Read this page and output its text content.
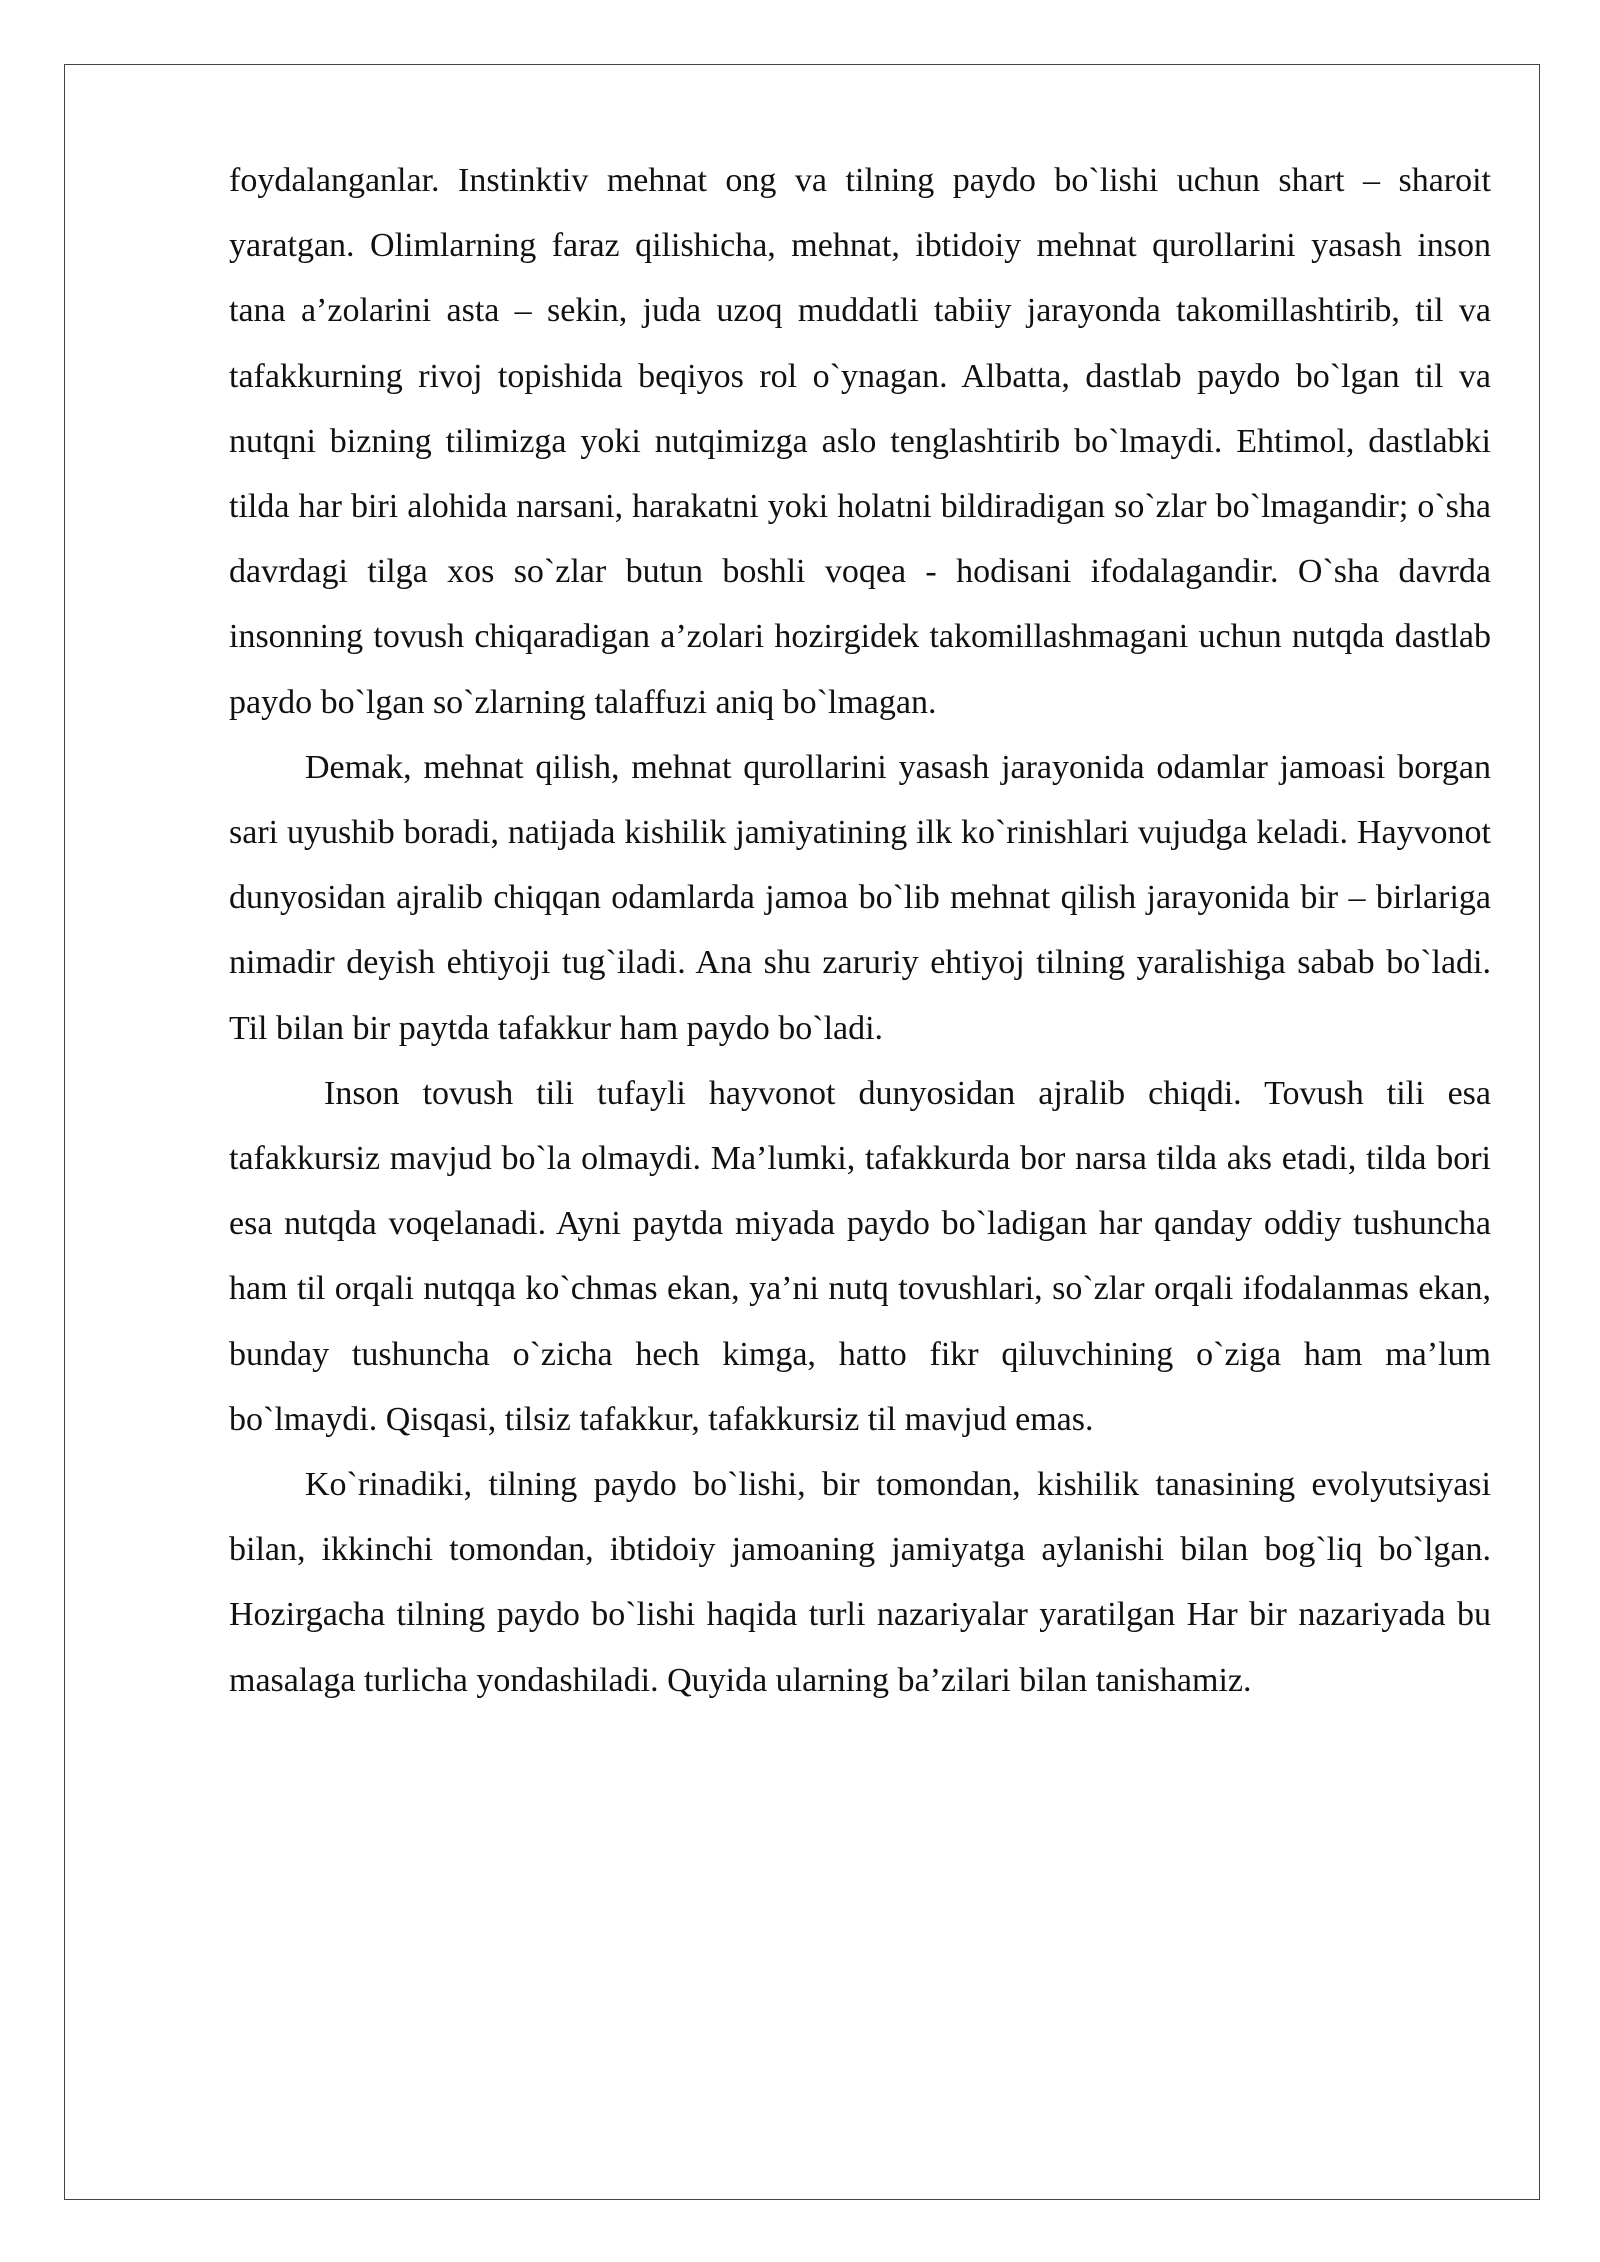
foydalanganlar. Instinktiv mehnat ong va tilning paydo bo`lishi uchun shart – sharoit yaratgan. Olimlarning faraz qilishicha, mehnat, ibtidoiy mehnat qurollarini yasash inson tana a’zolarini asta – sekin, juda uzoq muddatli tabiiy jarayonda takomillashtirib, til va tafakkurning rivoj topishida beqiyos rol o`ynagan. Albatta, dastlab paydo bo`lgan til va nutqni bizning tilimizga yoki nutqimizga aslo tenglashtirib bo`lmaydi. Ehtimol, dastlabki tilda har biri alohida narsani, harakatni yoki holatni bildiradigan so`zlar bo`lmagandir; o`sha davrdagi tilga xos so`zlar butun boshli voqea - hodisani ifodalagandir. O`sha davrda insonning tovush chiqaradigan a’zolari hozirgidek takomillashmagani uchun nutqda dastlab paydo bo`lgan so`zlarning talaffuzi aniq bo`lmagan.

Demak, mehnat qilish, mehnat qurollarini yasash jarayonida odamlar jamoasi borgan sari uyushib boradi, natijada kishilik jamiyatining ilk ko`rinishlari vujudga keladi. Hayvonot dunyosidan ajralib chiqqan odamlarda jamoa bo`lib mehnat qilish jarayonida bir – birlariga nimadir deyish ehtiyoji tug`iladi. Ana shu zaruriy ehtiyoj tilning yaralishiga sabab bo`ladi. Til bilan bir paytda tafakkur ham paydo bo`ladi.

Inson tovush tili tufayli hayvonot dunyosidan ajralib chiqdi. Tovush tili esa tafakkursiz mavjud bo`la olmaydi. Ma’lumki, tafakkurda bor narsa tilda aks etadi, tilda bori esa nutqda voqelanadi. Ayni paytda miyada paydo bo`ladigan har qanday oddiy tushuncha ham til orqali nutqqa ko`chmas ekan, ya’ni nutq tovushlari, so`zlar orqali ifodalanmas ekan, bunday tushuncha o`zicha hech kimga, hatto fikr qiluvchining o`ziga ham ma’lum bo`lmaydi. Qisqasi, tilsiz tafakkur, tafakkursiz til mavjud emas.

Ko`rinadiki, tilning paydo bo`lishi, bir tomondan, kishilik tanasining evolyutsiyasi bilan, ikkinchi tomondan, ibtidoiy jamoaning jamiyatga aylanishi bilan bog`liq bo`lgan. Hozirgacha tilning paydo bo`lishi haqida turli nazariyalar yaratilgan Har bir nazariyada bu masalaga turlicha yondashiladi. Quyida ularning ba’zilari bilan tanishamiz.
